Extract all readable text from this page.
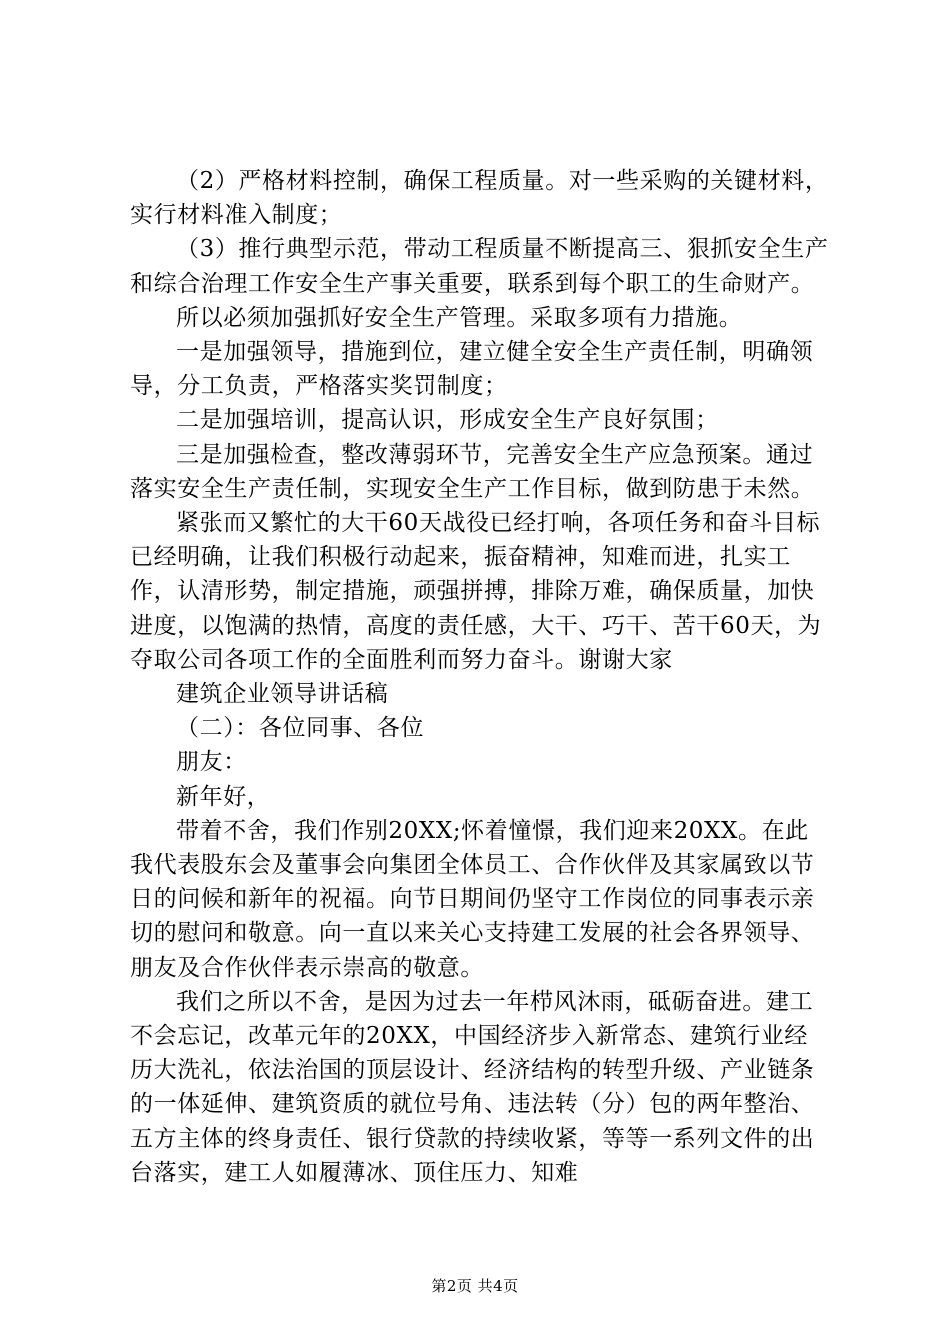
（2）严格材料控制，确保工程质量。对一些采购的关键材料，实行材料准入制度；

（3）推行典型示范，带动工程质量不断提高三、狠抓安全生产和综合治理工作安全生产事关重要，联系到每个职工的生命财产。

所以必须加强抓好安全生产管理。采取多项有力措施。

一是加强领导，措施到位，建立健全安全生产责任制，明确领导，分工负责，严格落实奖罚制度；

二是加强培训，提高认识，形成安全生产良好氛围；

三是加强检查，整改薄弱环节，完善安全生产应急预案。通过落实安全生产责任制，实现安全生产工作目标，做到防患于未然。

紧张而又繁忙的大干60天战役已经打响，各项任务和奋斗目标已经明确，让我们积极行动起来，振奋精神，知难而进，扎实工作，认清形势，制定措施，顽强拼搏，排除万难，确保质量，加快进度，以饱满的热情，高度的责任感，大干、巧干、苦干60天，为夺取公司各项工作的全面胜利而努力奋斗。谢谢大家

建筑企业领导讲话稿

（二）：各位同事、各位

朋友：

新年好，

带着不舍，我们作别20XX;怀着憧憬，我们迎来20XX。在此我代表股东会及董事会向集团全体员工、合作伙伴及其家属致以节日的问候和新年的祝福。向节日期间仍坚守工作岗位的同事表示亲切的慰问和敬意。向一直以来关心支持建工发展的社会各界领导、朋友及合作伙伴表示崇高的敬意。

我们之所以不舍，是因为过去一年栉风沐雨，砥砺奋进。建工不会忘记，改革元年的20XX，中国经济步入新常态、建筑行业经历大洗礼，依法治国的顶层设计、经济结构的转型升级、产业链条的一体延伸、建筑资质的就位号角、违法转（分）包的两年整治、五方主体的终身责任、银行贷款的持续收紧，等等一系列文件的出台落实，建工人如履薄冰、顶住压力、知难

第2页 共4页
